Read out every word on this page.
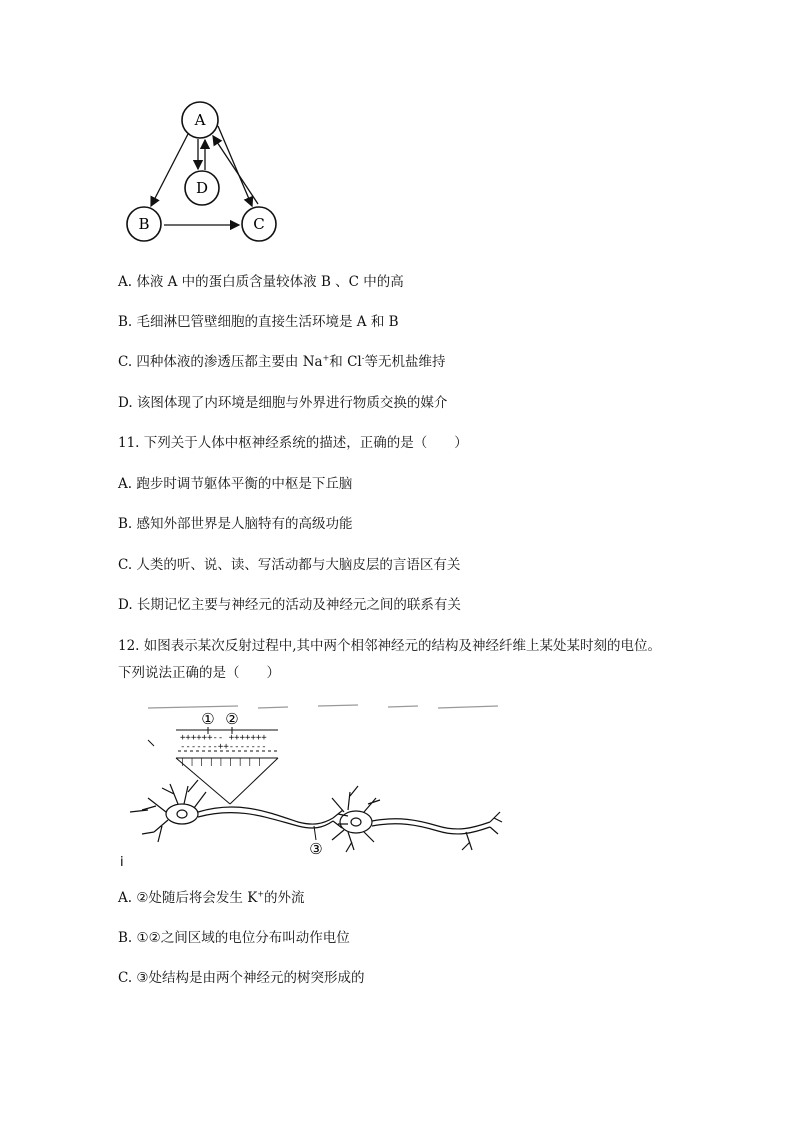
A
D
B	C
A. 体液 A 中的蛋白质含量较体液 B 、C 中的高
B. 毛细淋巴管壁细胞的直接生活环境是 A 和 B
C. 四种体液的渗透压都主要由 Na+和 Cl-等无机盐维持
D. 该图体现了内环境是细胞与外界进行物质交换的媒介
11. 下列关于人体中枢神经系统的描述，正确的是（　　）
A. 跑步时调节躯体平衡的中枢是下丘脑
B. 感知外部世界是人脑特有的高级功能
C. 人类的听、说、读、写活动都与大脑皮层的言语区有关
D. 长期记忆主要与神经元的活动及神经元之间的联系有关
12. 如图表示某次反射过程中,其中两个相邻神经元的结构及神经纤维上某处某时刻的电位。
下列说法正确的是（　　）
① ②
++++++-- +++++++
-------++-------
| | | | | | | | |
③
i
A. ②处随后将会发生 K+的外流
B. ①②之间区域的电位分布叫动作电位
C. ③处结构是由两个神经元的树突形成的
